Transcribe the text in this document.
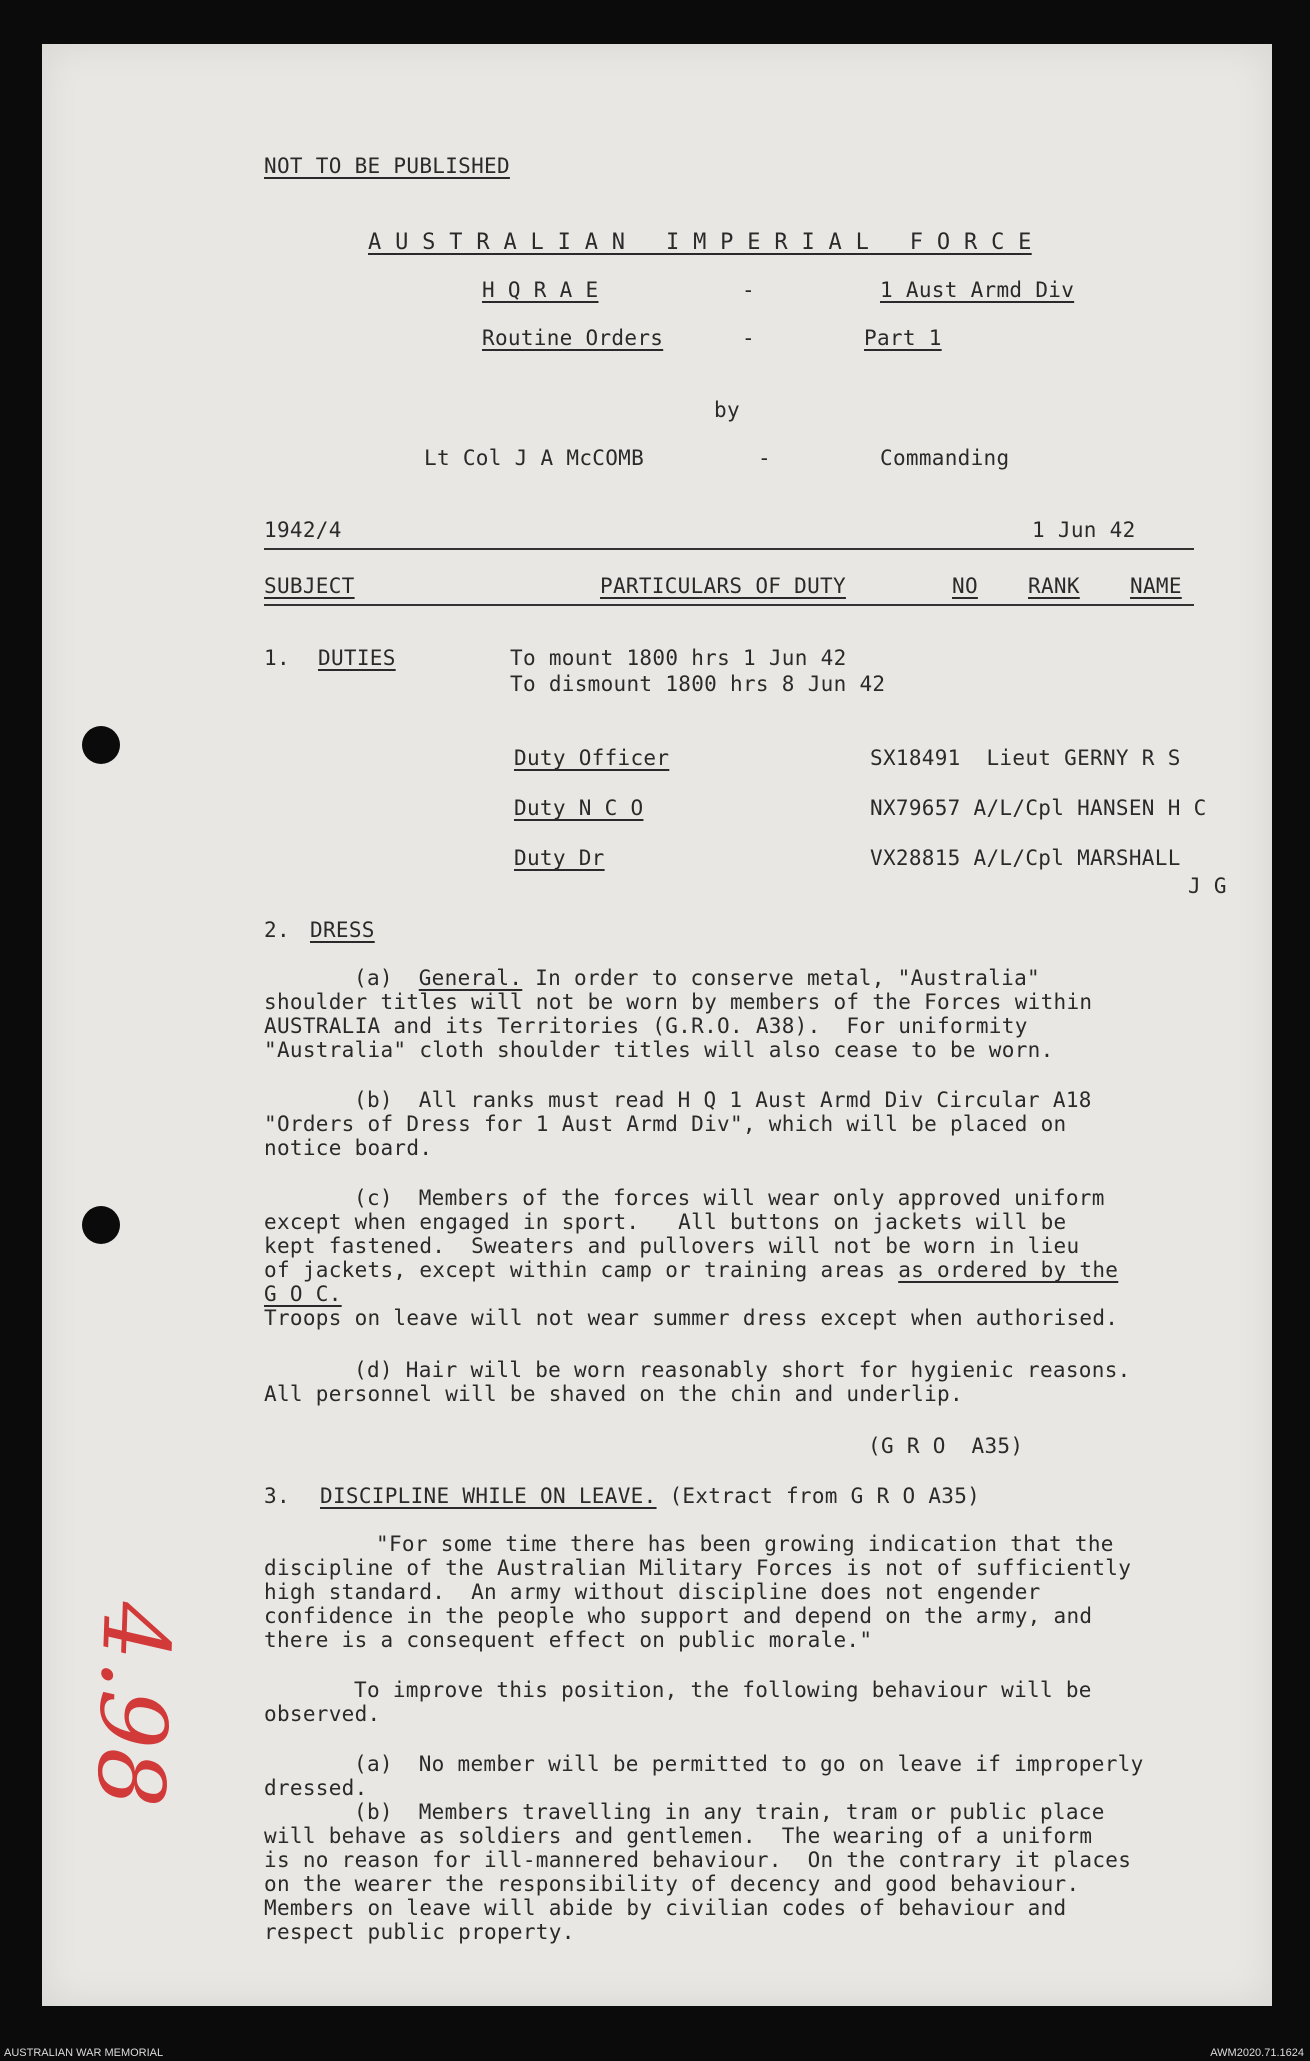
NOT TO BE PUBLISHED
A U S T R A L I A N   I M P E R I A L   F O R C E
H Q R A E	-	1 Aust Armd Div
Routine Orders	-	Part 1
by
Lt Col J A McCOMB	-	Commanding
1942/4	1 Jun 42
SUBJECT	PARTICULARS OF DUTY	NO RANK NAME
1. DUTIES	To mount 1800 hrs 1 Jun 42
To dismount 1800 hrs 8 Jun 42
Duty Officer	SX18491  Lieut GERNY R S
Duty N C O	NX79657 A/L/Cpl HANSEN H C
Duty Dr	VX28815 A/L/Cpl MARSHALL
J G
2. DRESS
(a) General. In order to conserve metal, "Australia"
shoulder titles will not be worn by members of the Forces within
AUSTRALIA and its Territories (G.R.O. A38).  For uniformity
"Australia" cloth shoulder titles will also cease to be worn.
(b)  All ranks must read H Q 1 Aust Armd Div Circular A18
"Orders of Dress for 1 Aust Armd Div", which will be placed on
notice board.
(c)  Members of the forces will wear only approved uniform
except when engaged in sport.   All buttons on jackets will be
kept fastened.  Sweaters and pullovers will not be worn in lieu
of jackets, except within camp or training areas as ordered by the
G O C.
Troops on leave will not wear summer dress except when authorised.
(d) Hair will be worn reasonably short for hygienic reasons.
All personnel will be shaved on the chin and underlip.
(G R O  A35)
3. DISCIPLINE WHILE ON LEAVE. (Extract from G R O A35)
"For some time there has been growing indication that the
discipline of the Australian Military Forces is not of sufficiently
high standard.  An army without discipline does not engender
confidence in the people who support and depend on the army, and
there is a consequent effect on public morale."
To improve this position, the following behaviour will be
observed.
(a)  No member will be permitted to go on leave if improperly
dressed.
(b)  Members travelling in any train, tram or public place
will behave as soldiers and gentlemen.  The wearing of a uniform
is no reason for ill-mannered behaviour.  On the contrary it places
on the wearer the responsibility of decency and good behaviour.
Members on leave will abide by civilian codes of behaviour and
respect public property.
4.98
AUSTRALIAN WAR MEMORIAL	AWM2020.71.1624
